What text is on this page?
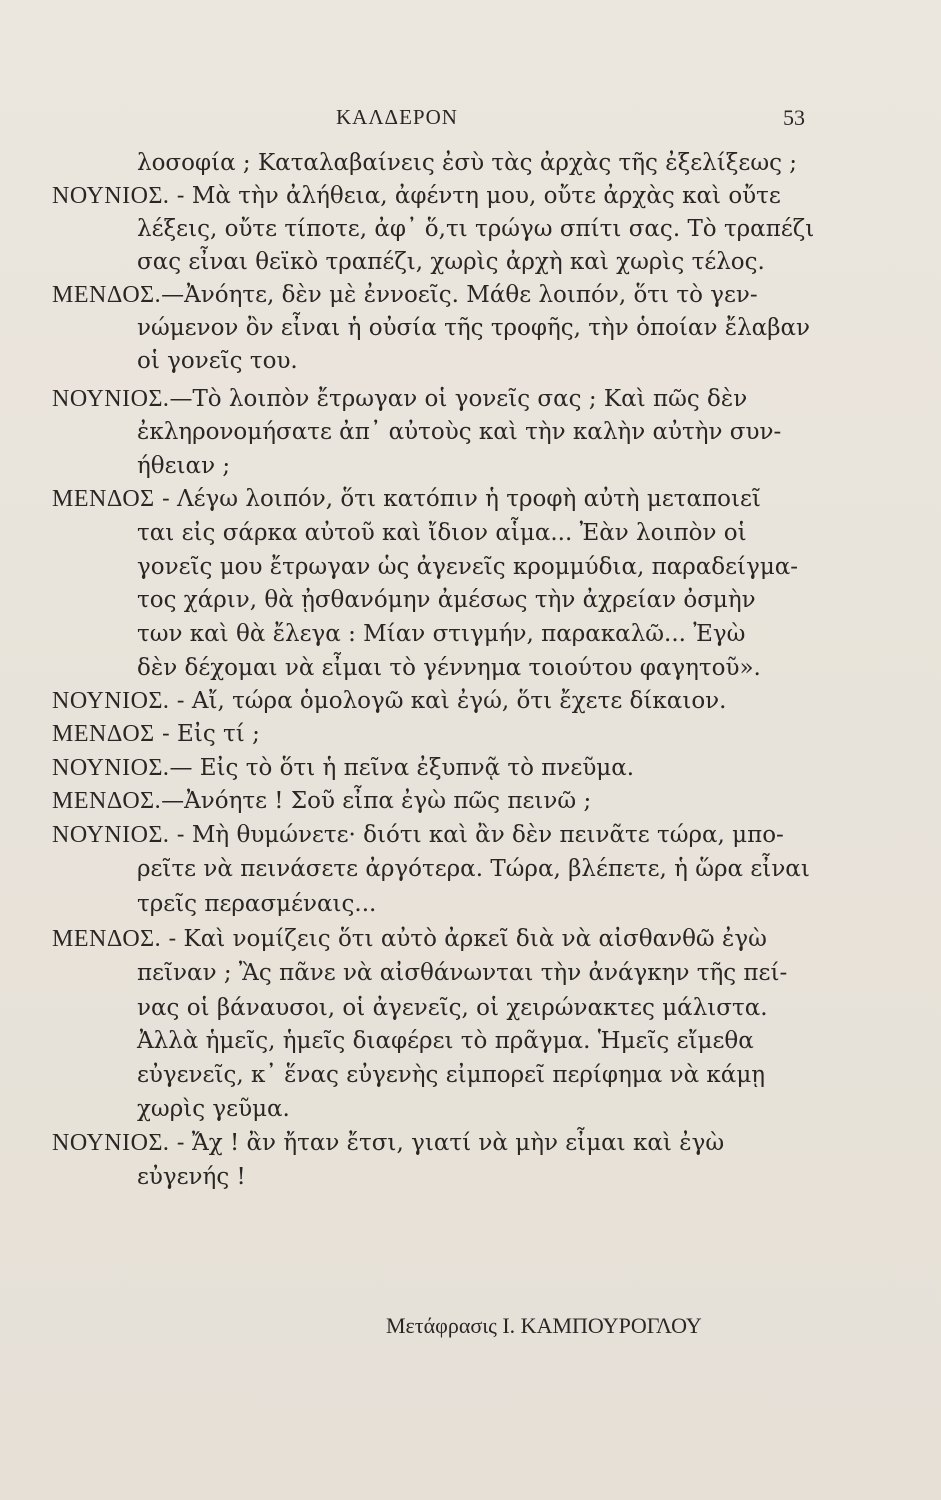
ΚΑΛΔΕΡΟΝ	53
λοσοφία ; Καταλαβαίνεις ἐσὺ τὰς ἀρχὰς τῆς ἐξελίξεως ;
ΝΟΥΝΙΟΣ. - Μὰ τὴν ἀλήθεια, ἀφέντη μου, οὔτε ἀρχὰς καὶ οὔτε
λέξεις, οὔτε τίποτε, ἀφ᾽ ὅ,τι τρώγω σπίτι σας. Τὸ τραπέζι
σας εἶναι θεϊκὸ τραπέζι, χωρὶς ἀρχὴ καὶ χωρὶς τέλος.
ΜΕΝΔΟΣ.—Ἀνόητε, δὲν μὲ ἐννοεῖς. Μάθε λοιπόν, ὅτι τὸ γεν-
νώμενον ὂν εἶναι ἡ οὐσία τῆς τροφῆς, τὴν ὁποίαν ἔλαβαν
οἱ γονεῖς του.
ΝΟΥΝΙΟΣ.—Τὸ λοιπὸν ἔτρωγαν οἱ γονεῖς σας ; Καὶ πῶς δὲν
ἐκληρονομήσατε ἀπ᾽ αὐτοὺς καὶ τὴν καλὴν αὐτὴν συν-
ήθειαν ;
ΜΕΝΔΟΣ - Λέγω λοιπόν, ὅτι κατόπιν ἡ τροφὴ αὐτὴ μεταποιεῖ
ται εἰς σάρκα αὐτοῦ καὶ ἴδιον αἷμα... Ἐὰν λοιπὸν οἱ
γονεῖς μου ἔτρωγαν ὡς ἀγενεῖς κρομμύδια, παραδείγμα-
τος χάριν, θὰ ᾐσθανόμην ἀμέσως τὴν ἀχρείαν ὀσμὴν
των καὶ θὰ ἔλεγα : Μίαν στιγμήν, παρακαλῶ... Ἐγὼ
δὲν δέχομαι νὰ εἶμαι τὸ γέννημα τοιούτου φαγητοῦ».
ΝΟΥΝΙΟΣ. - Αἴ, τώρα ὁμολογῶ καὶ ἐγώ, ὅτι ἔχετε δίκαιον.
ΜΕΝΔΟΣ - Εἰς τί ;
ΝΟΥΝΙΟΣ.— Εἰς τὸ ὅτι ἡ πεῖνα ἐξυπνᾷ τὸ πνεῦμα.
ΜΕΝΔΟΣ.—Ἀνόητε ! Σοῦ εἶπα ἐγὼ πῶς πεινῶ ;
ΝΟΥΝΙΟΣ. - Μὴ θυμώνετε· διότι καὶ ἂν δὲν πεινᾶτε τώρα, μπο-
ρεῖτε νὰ πεινάσετε ἀργότερα. Τώρα, βλέπετε, ἡ ὥρα εἶναι
τρεῖς περασμέναις...
ΜΕΝΔΟΣ. - Καὶ νομίζεις ὅτι αὐτὸ ἀρκεῖ διὰ νὰ αἰσθανθῶ ἐγὼ
πεῖναν ; Ἂς πᾶνε νὰ αἰσθάνωνται τὴν ἀνάγκην τῆς πεί-
νας οἱ βάναυσοι, οἱ ἀγενεῖς, οἱ χειρώνακτες μάλιστα.
Ἀλλὰ ἡμεῖς, ἡμεῖς διαφέρει τὸ πρᾶγμα. Ἡμεῖς εἴμεθα
εὐγενεῖς, κ᾽ ἕνας εὐγενὴς εἰμπορεῖ περίφημα νὰ κάμῃ
χωρὶς γεῦμα.
ΝΟΥΝΙΟΣ. - Ἄχ ! ἂν ἤταν ἔτσι, γιατί νὰ μὴν εἶμαι καὶ ἐγὼ
εὐγενής !
Μετάφρασις Ι. ΚΑΜΠΟΥΡΟΓΛΟΥ
